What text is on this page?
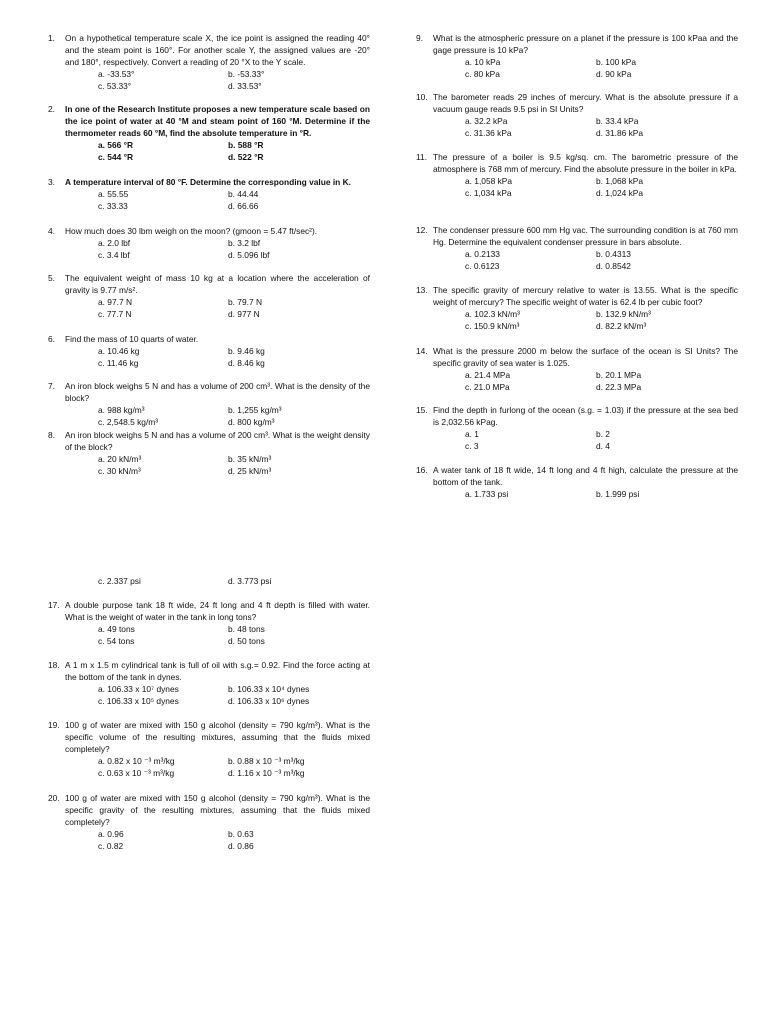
1.	On a hypothetical temperature scale X, the ice point is assigned the reading 40° and the steam point is 160°. For another scale Y, the assigned values are -20° and 180°, respectively. Convert a reading of 20 °X to the Y scale.
a. -33.53°	b. -53.33°
c. 53.33°	d. 33.53°
2.	In one of the Research Institute proposes a new temperature scale based on the ice point of water at 40 °M and steam point of 160 °M. Determine if the thermometer reads 60 °M, find the absolute temperature in °R.
a. 566 °R	b. 588 °R
c. 544 °R	d. 522 °R
3.	A temperature interval of 80 °F. Determine the corresponding value in K.
a. 55.55	b. 44.44
c. 33.33	d. 66.66
4.	How much does 30 lbm weigh on the moon? (gmoon = 5.47 ft/sec²).
a. 2.0 lbf	b. 3.2 lbf
c. 3.4 lbf	d. 5.096 lbf
5.	The equivalent weight of mass 10 kg at a location where the acceleration of gravity is 9.77 m/s².
a. 97.7 N	b. 79.7 N
c. 77.7 N	d. 977 N
6.	Find the mass of 10 quarts of water.
a. 10.46 kg	b. 9.46 kg
c. 11.46 kg	d. 8.46 kg
7.	An iron block weighs 5 N and has a volume of 200 cm³. What is the density of the block?
a. 988 kg/m³	b. 1,255 kg/m³
c. 2,548.5 kg/m³	d. 800 kg/m³
8.	An iron block weighs 5 N and has a volume of 200 cm³. What is the weight density of the block?
a. 20 kN/m³	b. 35 kN/m³
c. 30 kN/m³	d. 25 kN/m³
9.	What is the atmospheric pressure on a planet if the pressure is 100 kPaa and the gage pressure is 10 kPa?
a. 10 kPa	b. 100 kPa
c. 80 kPa	d. 90 kPa
10. The barometer reads 29 inches of mercury. What is the absolute pressure if a vacuum gauge reads 9.5 psi in SI Units?
a. 32.2 kPa	b. 33.4 kPa
c. 31.36 kPa	d. 31.86 kPa
11. The pressure of a boiler is 9.5 kg/sq. cm. The barometric pressure of the atmosphere is 768 mm of mercury. Find the absolute pressure in the boiler in kPa.
a. 1,058 kPa	b. 1,068 kPa
c. 1,034 kPa	d. 1,024 kPa
12. The condenser pressure 600 mm Hg vac. The surrounding condition is at 760 mm Hg. Determine the equivalent condenser pressure in bars absolute.
a. 0.2133	b. 0.4313
c. 0.6123	d. 0.8542
13. The specific gravity of mercury relative to water is 13.55. What is the specific weight of mercury? The specific weight of water is 62.4 lb per cubic foot?
a. 102.3 kN/m³	b. 132.9 kN/m³
c. 150.9 kN/m³	d. 82.2 kN/m³
14. What is the pressure 2000 m below the surface of the ocean is SI Units? The specific gravity of sea water is 1.025.
a. 21.4 MPa	b. 20.1 MPa
c. 21.0 MPa	d. 22.3 MPa
15. Find the depth in furlong of the ocean (s.g. = 1.03) if the pressure at the sea bed is 2,032.56 kPag.
a. 1	b. 2
c. 3	d. 4
16. A water tank of 18 ft wide, 14 ft long and 4 ft high, calculate the pressure at the bottom of the tank.
a. 1.733 psi	b. 1.999 psi
c. 2.337 psi	d. 3.773 psi
17. A double purpose tank 18 ft wide, 24 ft long and 4 ft depth is filled with water. What is the weight of water in the tank in long tons?
a. 49 tons	b. 48 tons
c. 54 tons	d. 50 tons
18. A 1 m x 1.5 m cylindrical tank is full of oil with s.g.= 0.92. Find the force acting at the bottom of the tank in dynes.
a. 106.33 x 10⁷ dynes	b. 106.33 x 10⁴ dynes
c. 106.33 x 10⁵ dynes	d. 106.33 x 10⁶ dynes
19. 100 g of water are mixed with 150 g alcohol (density = 790 kg/m³). What is the specific volume of the resulting mixtures, assuming that the fluids mixed completely?
a. 0.82 x 10 ⁻³ m³/kg	b. 0.88 x 10 ⁻³ m³/kg
c. 0.63 x 10 ⁻³ m³/kg	d. 1.16 x 10 ⁻³ m³/kg
20. 100 g of water are mixed with 150 g alcohol (density = 790 kg/m³). What is the specific gravity of the resulting mixtures, assuming that the fluids mixed completely?
a. 0.96	b. 0.63
c. 0.82	d. 0.86
